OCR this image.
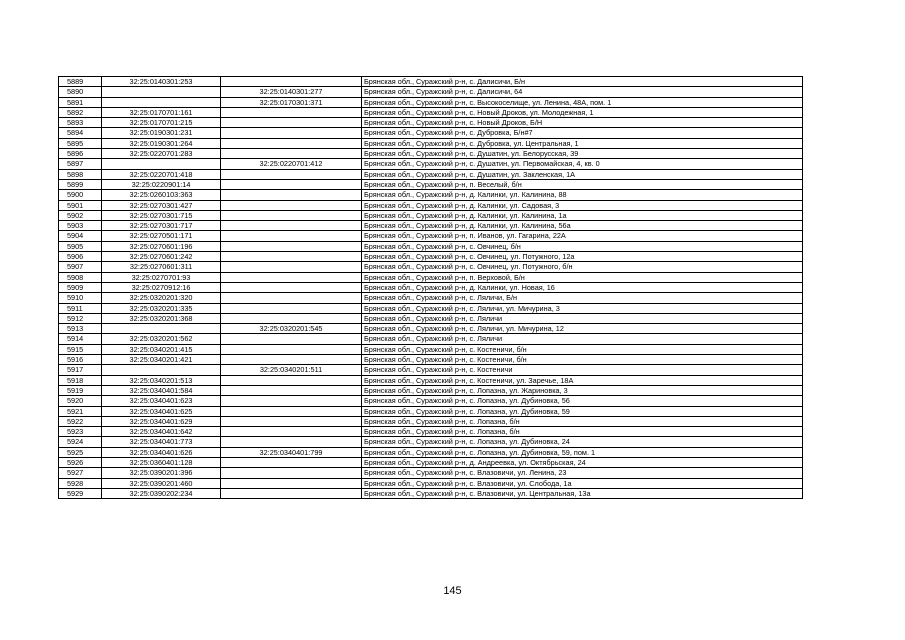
5889	32:25:0140301:253		Брянская обл., Суражский р-н, с. Далисичи, Б/н
5890		32:25:0140301:277	Брянская обл., Суражский р-н, с. Далисичи, 64
5891		32:25:0170301:371	Брянская обл., Суражский р-н, с. Высокоселище, ул. Ленина, 48А, пом. 1
5892	32:25:0170701:161		Брянская обл., Суражский р-н, с. Новый Дроков, ул. Молодежная, 1
5893	32:25:0170701:215		Брянская обл., Суражский р-н, с. Новый Дроков, Б/Н
5894	32:25:0190301:231		Брянская обл., Суражский р-н, с. Дубровка, Б/н#7
5895	32:25:0190301:264		Брянская обл., Суражский р-н, с. Дубровка, ул. Центральная, 1
5896	32:25:0220701:283		Брянская обл., Суражский р-н, с. Душатин, ул. Белорусская, 39
5897		32:25:0220701:412	Брянская обл., Суражский р-н, с. Душатин, ул. Первомайская, 4, кв. 0
5898	32:25:0220701:418		Брянская обл., Суражский р-н, с. Душатин, ул. Закленская, 1А
5899	32:25:0220901:14		Брянская обл., Суражский р-н, п. Веселый, б/н
5900	32:25:0260103:363		Брянская обл., Суражский р-н, д. Калинки, ул. Калинина, 88
5901	32:25:0270301:427		Брянская обл., Суражский р-н, д. Калинки, ул. Садовая, 3
5902	32:25:0270301:715		Брянская обл., Суражский р-н, д. Калинки, ул. Калинина, 1а
5903	32:25:0270301:717		Брянская обл., Суражский р-н, д. Калинки, ул. Калинина, 56а
5904	32:25:0270501:171		Брянская обл., Суражский р-н, п. Иванов, ул. Гагарина, 22А
5905	32:25:0270601:196		Брянская обл., Суражский р-н, с. Овчинец, б/н
5906	32:25:0270601:242		Брянская обл., Суражский р-н, с. Овчинец, ул. Потужного, 12а
5907	32:25:0270601:311		Брянская обл., Суражский р-н, с. Овчинец, ул. Потужного, б/н
5908	32:25:0270701:93		Брянская обл., Суражский р-н, п. Верховой, Б/н
5909	32:25:0270912:16		Брянская обл., Суражский р-н, д. Калинки, ул. Новая, 16
5910	32:25:0320201:320		Брянская обл., Суражский р-н, с. Ляличи, Б/н
5911	32:25:0320201:335		Брянская обл., Суражский р-н, с. Ляличи, ул. Мичурина, 3
5912	32:25:0320201:368		Брянская обл., Суражский р-н, с. Ляличи
5913		32:25:0320201:545	Брянская обл., Суражский р-н, с. Ляличи, ул. Мичурина, 12
5914	32:25:0320201:562		Брянская обл., Суражский р-н, с. Ляличи
5915	32:25:0340201:415		Брянская обл., Суражский р-н, с. Костеничи, б/н
5916	32:25:0340201:421		Брянская обл., Суражский р-н, с. Костеничи, б/н
5917		32:25:0340201:511	Брянская обл., Суражский р-н, с. Костеничи
5918	32:25:0340201:513		Брянская обл., Суражский р-н, с. Костеничи, ул. Заречье, 18А
5919	32:25:0340401:584		Брянская обл., Суражский р-н, с. Лопазна, ул. Жариновка, 3
5920	32:25:0340401:623		Брянская обл., Суражский р-н, с. Лопазна, ул. Дубиновка, 56
5921	32:25:0340401:625		Брянская обл., Суражский р-н, с. Лопазна, ул. Дубиновка, 59
5922	32:25:0340401:629		Брянская обл., Суражский р-н, с. Лопазна, б/н
5923	32:25:0340401:642		Брянская обл., Суражский р-н, с. Лопазна, б/н
5924	32:25:0340401:773		Брянская обл., Суражский р-н, с. Лопазна, ул. Дубиновка, 24
5925	32:25:0340401:626	32:25:0340401:799	Брянская обл., Суражский р-н, с. Лопазна, ул. Дубиновка, 59, пом. 1
5926	32:25:0360401:128		Брянская обл., Суражский р-н, д. Андреевка, ул. Октябрьская, 24
5927	32:25:0390201:396		Брянская обл., Суражский р-н, с. Влазовичи, ул. Ленина, 23
5928	32:25:0390201:460		Брянская обл., Суражский р-н, с. Влазовичи, ул. Слобода, 1а
5929	32:25:0390202:234		Брянская обл., Суражский р-н, с. Влазовичи, ул. Центральная, 13а
145
